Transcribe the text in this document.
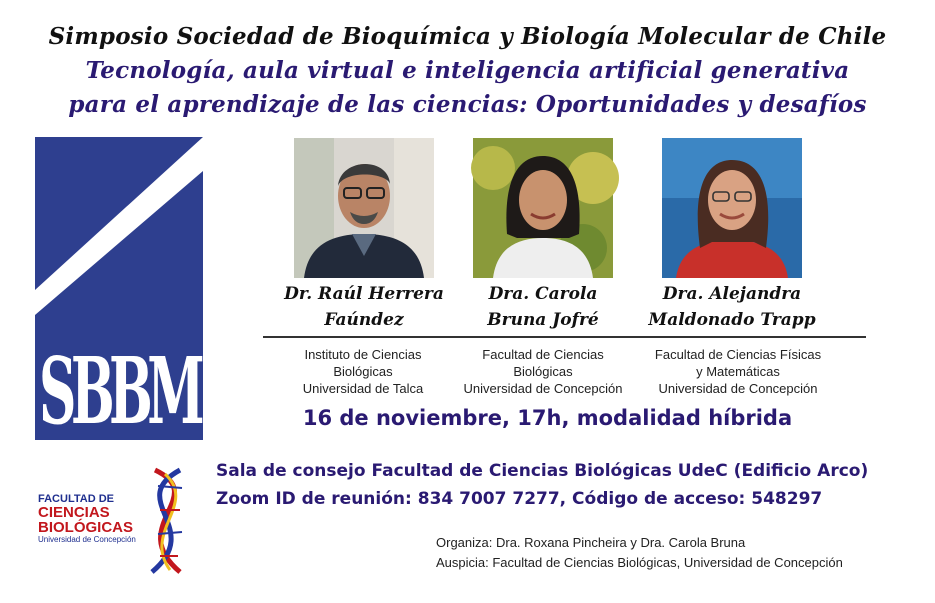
Simposio Sociedad de Bioquímica y Biología Molecular de Chile
Tecnología, aula virtual e inteligencia artificial generativa
para el aprendizaje de las ciencias: Oportunidades y desafíos
SBBM
Dr. Raúl Herrera
Faúndez
Dra. Carola
Bruna Jofré
Dra. Alejandra
Maldonado Trapp
Instituto de Ciencias
Biológicas
Universidad de Talca
Facultad de Ciencias
Biológicas
Universidad de Concepción
Facultad de Ciencias Físicas
y Matemáticas
Universidad de Concepción
16 de noviembre, 17h, modalidad híbrida
Sala de consejo Facultad de Ciencias Biológicas UdeC (Edificio Arco)
Zoom ID de reunión: 834 7007 7277, Código de acceso: 548297
FACULTAD DE
CIENCIAS
BIOLÓGICAS
Universidad de Concepción	Organiza: Dra. Roxana Pincheira y Dra. Carola Bruna
Auspicia: Facultad de Ciencias Biológicas, Universidad de Concepción
